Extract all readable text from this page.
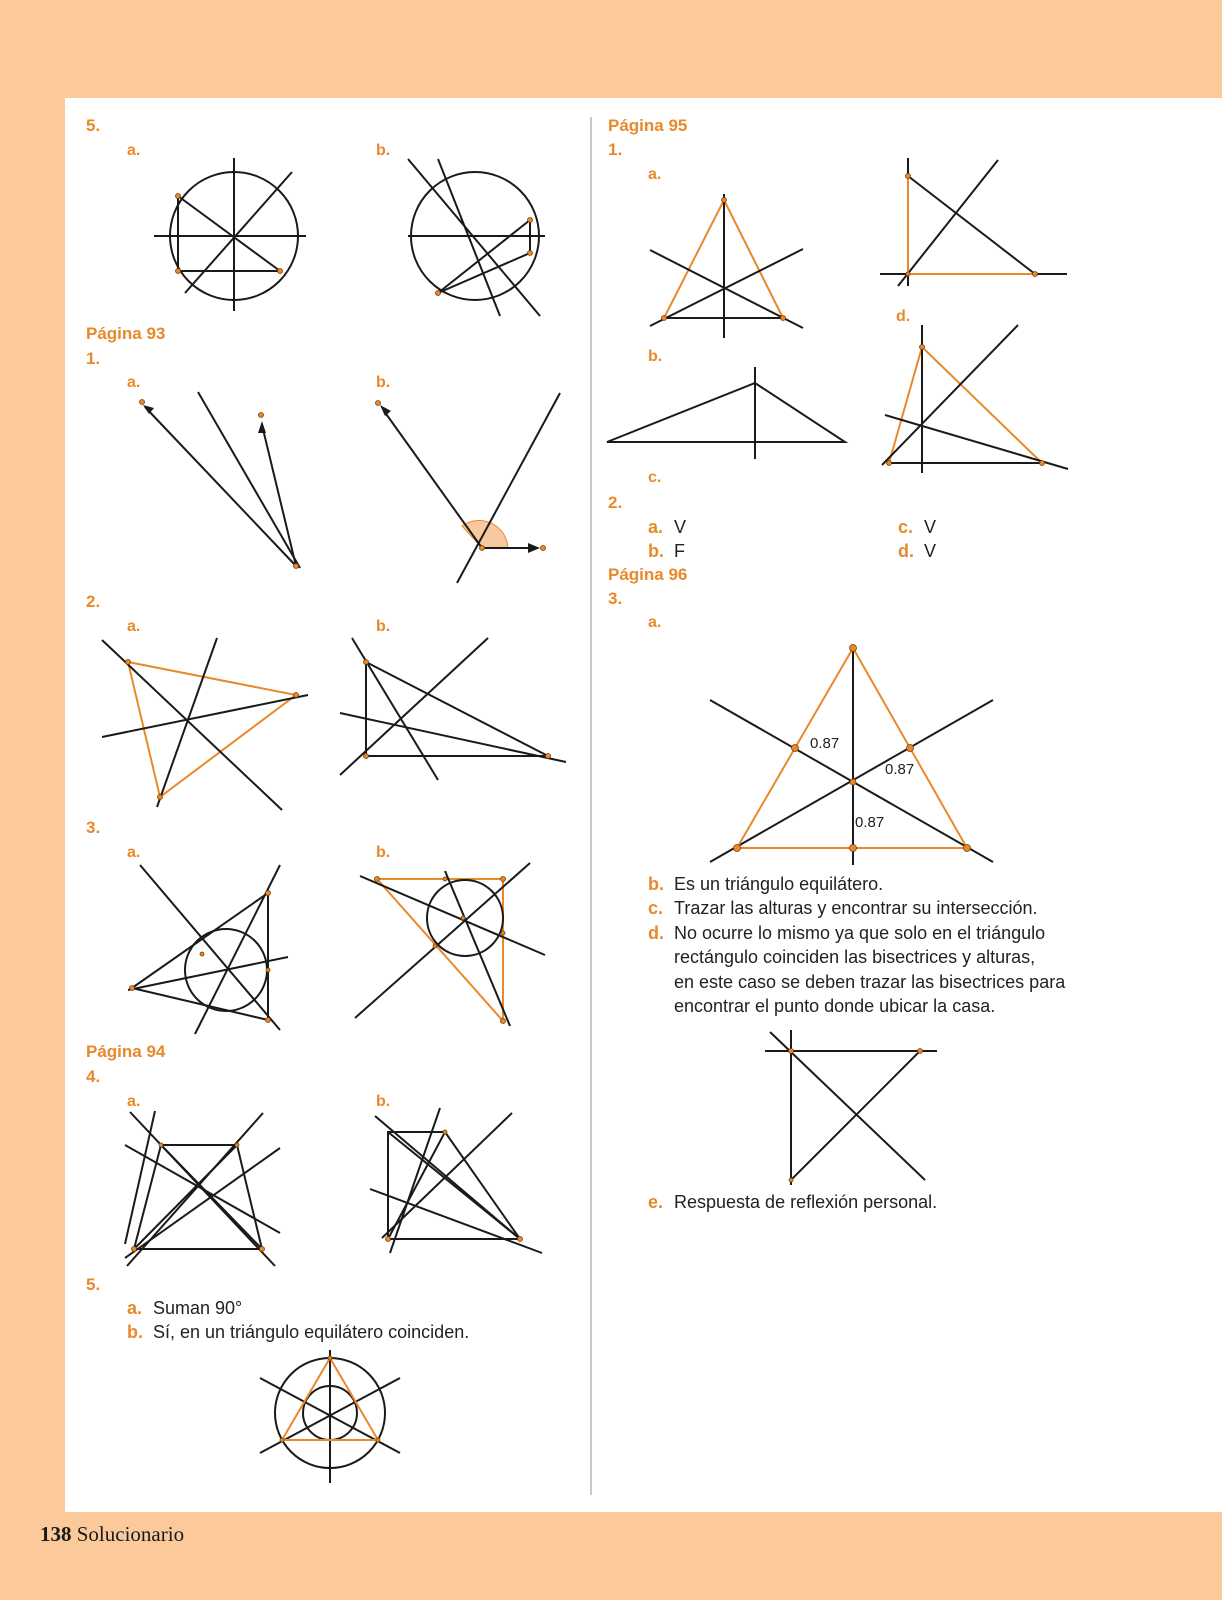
5.
a.	b.
Página 93
1.
a.	b.
2.
a.	b.
3.
a.	b.
Página 94
4.
a.	b.
5.
a. Suman 90°
b. Sí, en un triángulo equilátero coinciden.
Página 95
1.
a.
b.
c.
d.
2.
a. V
b. F
c. V
d. V
Página 96
3.
a.
0.87
0.87
0.87
b. Es un triángulo equilátero.
c. Trazar las alturas y encontrar su intersección.
d. No ocurre lo mismo ya que solo en el triángulo
rectángulo coinciden las bisectrices y alturas,
en este caso se deben trazar las bisectrices para
encontrar el punto donde ubicar la casa.
e. Respuesta de reflexión personal.
138 Solucionario
